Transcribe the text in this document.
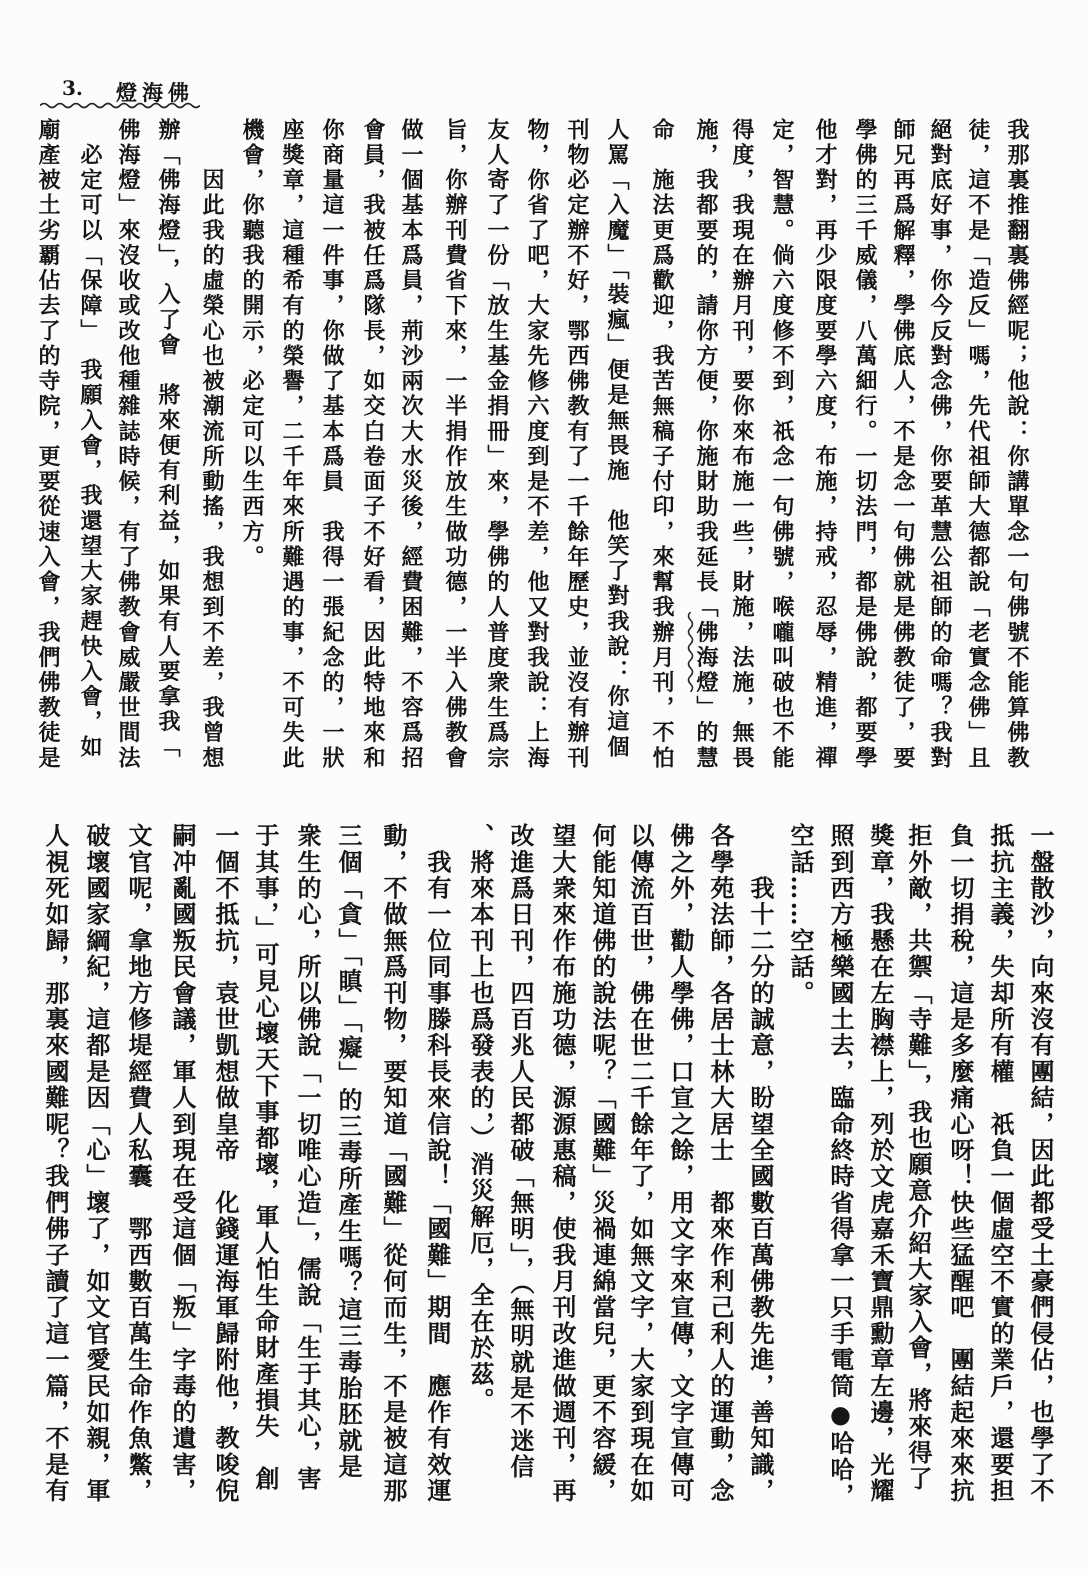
3. 燈海佛
我那裏推翻裏佛經呢；他說：你講單念一句佛號不能算佛教
徒，這不是「造反」嗎，先代祖師大德都說「老實念佛」且
絕對底好事，你今反對念佛，你要革慧公祖師的命嗎？我對
師兄再爲解釋，學佛底人，不是念一句佛就是佛教徒了，要
學佛的三千威儀，八萬細行。一切法門，都是佛說，都要學
他才對，再少限度要學六度，布施，持戒，忍辱，精進，禪
定，智慧。倘六度修不到，祇念一句佛號，喉嚨叫破也不能
得度，我現在辦月刊，要你來布施一些，財施，法施，無畏
施，我都要的，請你方便，你施財助我延長「佛海燈」的慧
命　施法更爲歡迎，我苦無稿子付印，來幫我辦月刊，不怕
人罵「入魔」「裝瘋」便是無畏施　他笑了對我說：你這個
刊物必定辦不好，鄂西佛教有了一千餘年歷史，並沒有辦刊
物，你省了吧，大家先修六度到是不差，他又對我說：上海
友人寄了一份「放生基金捐冊」來，學佛的人普度衆生爲宗
旨，你辦刊費省下來，一半捐作放生做功德，一半入佛教會
做一個基本爲員，荊沙兩次大水災後，經費困難，不容爲招
會員，我被任爲隊長，如交白卷面子不好看，因此特地來和
你商量這一件事，你做了基本爲員　我得一張紀念的，一狀
座獎章，這種希有的榮譽，二千年來所難遇的事，不可失此
機會，你聽我的開示，必定可以生西方。
　　因此我的虛榮心也被潮流所動搖，我想到不差，我曾想
辦「佛海燈」，入了會　將來便有利益，如果有人要拿我「
佛海燈」來沒收或改他種雜誌時候，有了佛教會威嚴世間法
　必定可以「保障」　我願入會，我還望大家趕快入會，如
廟產被土劣覇佔去了的寺院，更要從速入會，我們佛教徒是
一盤散沙，向來沒有團結，因此都受土豪們侵佔，也學了不
抵抗主義，失却所有權　祇負一個虛空不實的業戶，還要担
負一切捐稅，這是多麼痛心呀！快些猛醒吧　團結起來來抗
拒外敵，共禦「寺難」，我也願意介紹大家入會，將來得了
獎章，我懸在左胸襟上，列於文虎嘉禾寶鼎勳章左邊，光耀
照到西方極樂國土去，臨命終時省得拿一只手電筒●哈哈，
空話……空話。
　　我十二分的誠意，盼望全國數百萬佛教先進，善知識，
各學苑法師，各居士林大居士　都來作利己利人的運動，念
佛之外，勸人學佛，口宣之餘，用文字來宣傳，文字宣傳可
以傳流百世，佛在世二千餘年了，如無文字，大家到現在如
何能知道佛的說法呢？「國難」災禍連綿當兒，更不容緩，
望大衆來作布施功德，源源惠稿，使我月刊改進做週刊，再
改進爲日刊，四百兆人民都破「無明」，（無明就是不迷信
、將來本刊上也爲發表的，）消災解厄，全在於茲。
　我有一位同事滕科長來信說！「國難」期間　應作有效運
動，不做無爲刊物，要知道「國難」從何而生，不是被這那
三個「貪」「瞋」「癡」的三毒所產生嗎？這三毒胎胚就是
衆生的心，所以佛說「一切唯心造」，儒說「生于其心，害
于其事，」可見心壞天下事都壞，軍人怕生命財產損失　創
一個不抵抗，袁世凱想做皇帝　化錢運海軍歸附他，教唆倪
嗣冲亂國叛民會議，軍人到現在受這個「叛」字毒的遺害，
文官呢，拿地方修堤經費人私囊　鄂西數百萬生命作魚鱉，
破壞國家綱紀，這都是因「心」壞了，如文官愛民如親，軍
人視死如歸，那裏來國難呢？我們佛子讀了這一篇，不是有
